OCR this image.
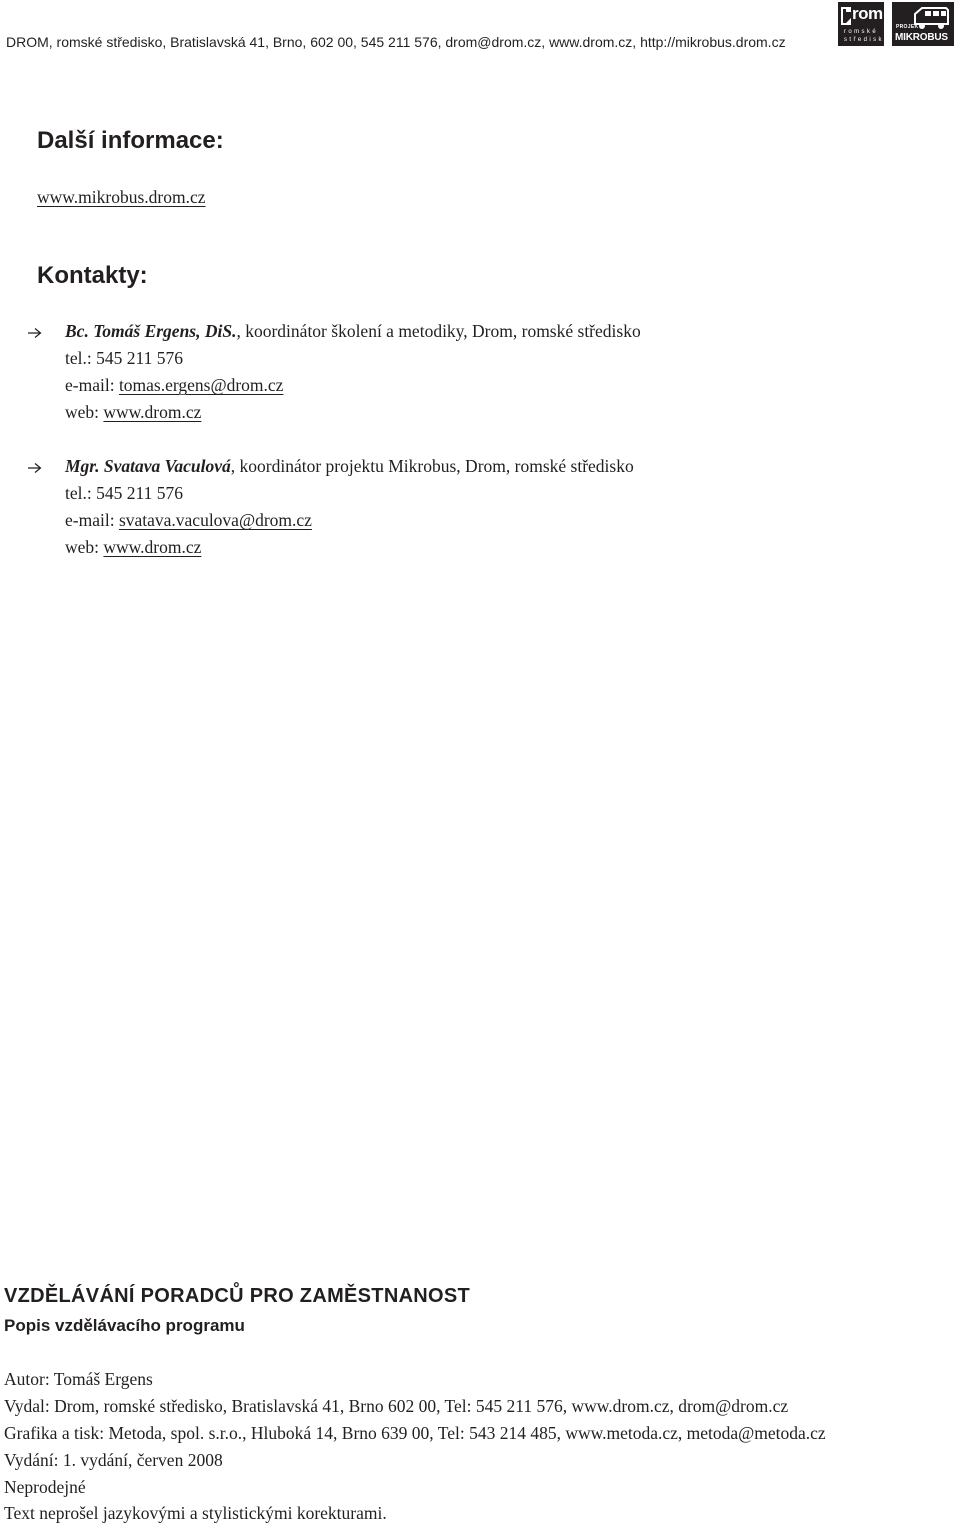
DROM, romské středisko, Bratislavská 41, Brno, 602 00, 545 211 576, drom@drom.cz, www.drom.cz, http://mikrobus.drom.cz
rom
romské
středisko
PROJEKT
MIKROBUS
Další informace:
www.mikrobus.drom.cz
Kontakty:
Bc. Tomáš Ergens, DiS., koordinátor školení a metodiky, Drom, romské středisko
tel.: 545 211 576
e-mail: tomas.ergens@drom.cz
web: www.drom.cz
Mgr. Svatava Vaculová, koordinátor projektu Mikrobus, Drom, romské středisko
tel.: 545 211 576
e-mail: svatava.vaculova@drom.cz
web: www.drom.cz
VZDĚLÁVÁNÍ PORADCŮ PRO ZAMĚSTNANOST
Popis vzdělávacího programu
Autor: Tomáš Ergens
Vydal: Drom, romské středisko, Bratislavská 41, Brno 602 00, Tel: 545 211 576, www.drom.cz, drom@drom.cz
Grafika a tisk: Metoda, spol. s.r.o., Hluboká 14, Brno 639 00, Tel: 543 214 485, www.metoda.cz, metoda@metoda.cz
Vydání: 1. vydání, červen 2008
Neprodejné
Text neprošel jazykovými a stylistickými korekturami.
